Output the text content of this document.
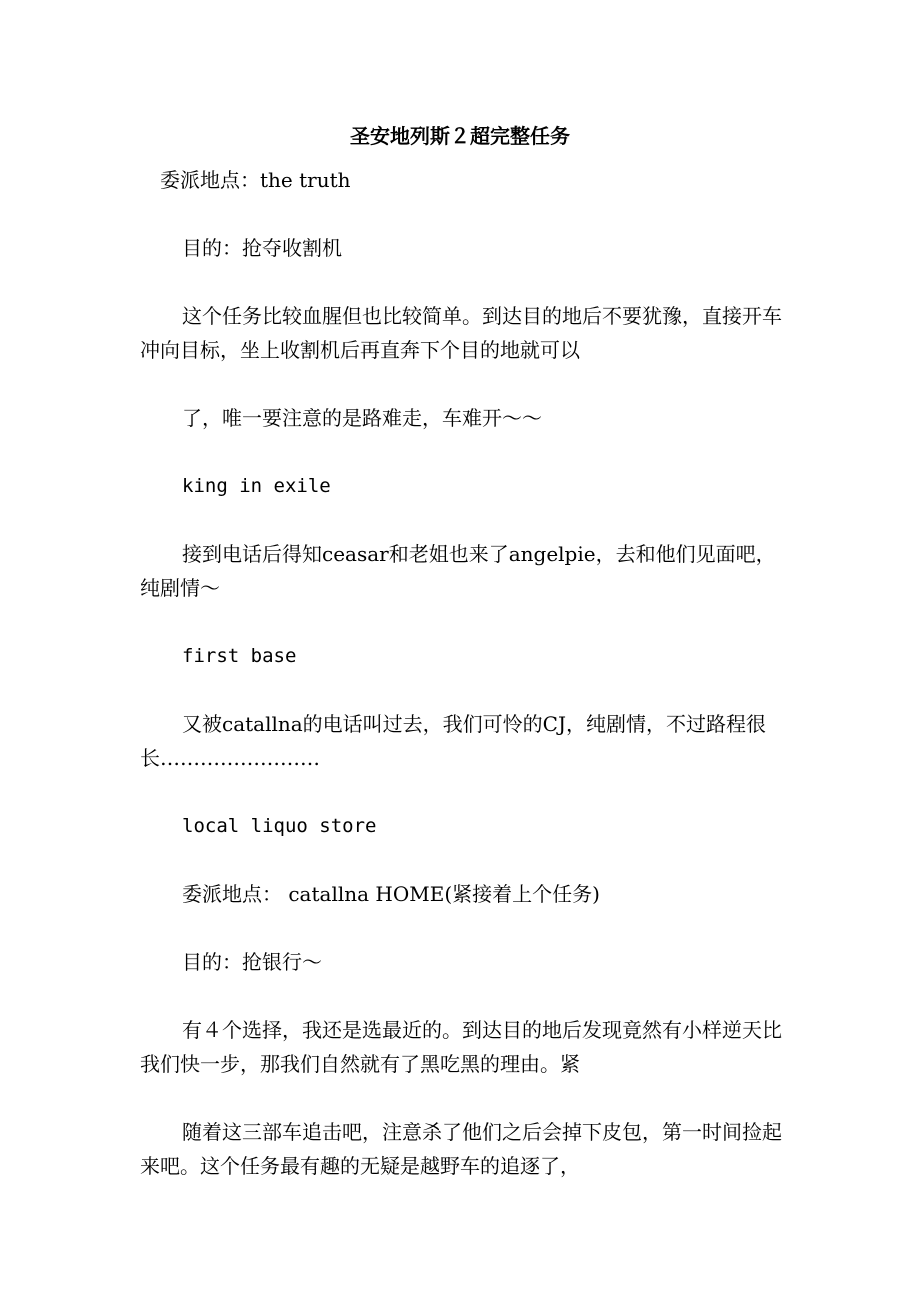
圣安地列斯２超完整任务

委派地点：the truth

目的：抢夺收割机

这个任务比较血腥但也比较简单。到达目的地后不要犹豫，直接开车冲向目标，坐上收割机后再直奔下个目的地就可以

了，唯一要注意的是路难走，车难开～～

king in exile

接到电话后得知ceasar和老姐也来了angelpie，去和他们见面吧，纯剧情～

first base

又被catallna的电话叫过去，我们可怜的CJ，纯剧情，不过路程很长……………………

local liquo store

委派地点： catallna HOME(紧接着上个任务)

目的：抢银行～

有４个选择，我还是选最近的。到达目的地后发现竟然有小样逆天比我们快一步，那我们自然就有了黑吃黑的理由。紧

随着这三部车追击吧，注意杀了他们之后会掉下皮包，第一时间捡起来吧。这个任务最有趣的无疑是越野车的追逐了，
